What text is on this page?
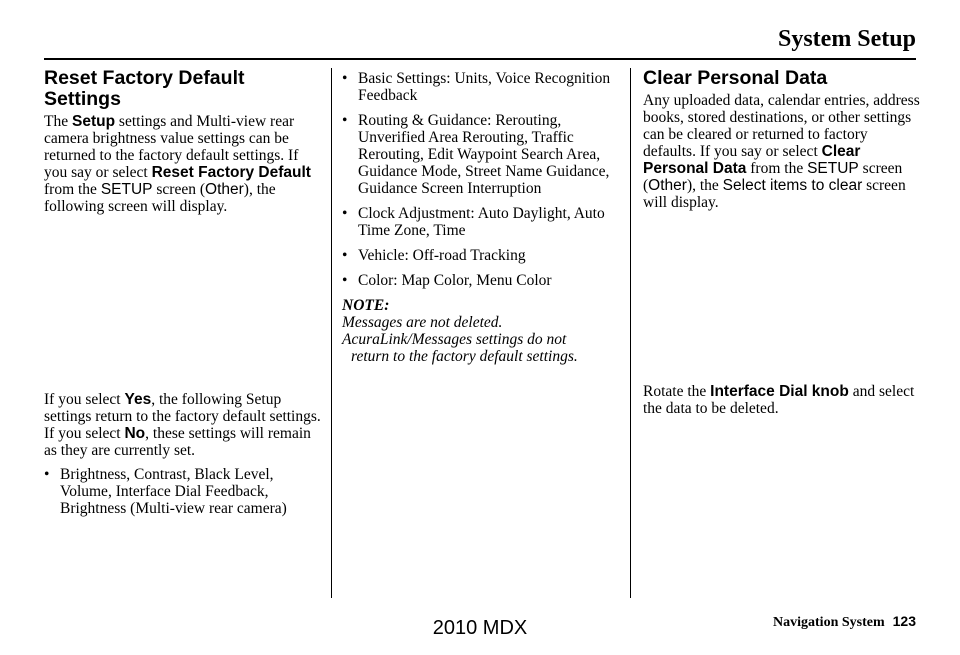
System Setup
Reset Factory Default Settings

The Setup settings and Multi-view rear camera brightness value settings can be returned to the factory default settings. If you say or select Reset Factory Default from the SETUP screen (Other), the following screen will display.

If you select Yes, the following Setup settings return to the factory default settings. If you select No, these settings will remain as they are currently set.

• Brightness, Contrast, Black Level, Volume, Interface Dial Feedback, Brightness (Multi-view rear camera)
• Basic Settings: Units, Voice Recognition Feedback
• Routing & Guidance: Rerouting, Unverified Area Rerouting, Traffic Rerouting, Edit Waypoint Search Area, Guidance Mode, Street Name Guidance, Guidance Screen Interruption
• Clock Adjustment: Auto Daylight, Auto Time Zone, Time
• Vehicle: Off-road Tracking
• Color: Map Color, Menu Color
NOTE:
Messages are not deleted.
AcuraLink/Messages settings do not
return to the factory default settings.
Clear Personal Data

Any uploaded data, calendar entries, address books, stored destinations, or other settings can be cleared or returned to factory defaults. If you say or select Clear Personal Data from the SETUP screen (Other), the Select items to clear screen will display.

Rotate the Interface Dial knob and select the data to be deleted.

2010 MDX	Navigation System 123
